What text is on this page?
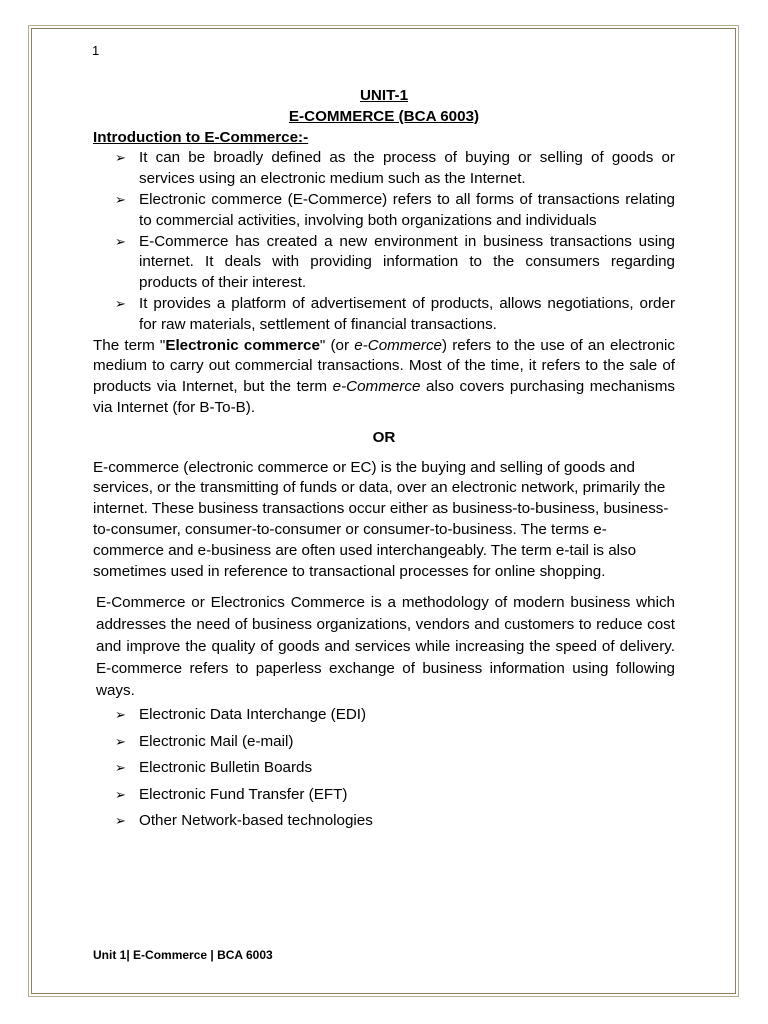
1
UNIT-1
E-COMMERCE (BCA 6003)
Introduction to E-Commerce:-
➢ It can be broadly defined as the process of buying or selling of goods or services using an electronic medium such as the Internet.
➢ Electronic commerce (E-Commerce) refers to all forms of transactions relating to commercial activities, involving both organizations and individuals
➢ E-Commerce has created a new environment in business transactions using internet. It deals with providing information to the consumers regarding products of their interest.
➢ It provides a platform of advertisement of products, allows negotiations, order for raw materials, settlement of financial transactions.

The term "Electronic commerce" (or e-Commerce) refers to the use of an electronic medium to carry out commercial transactions. Most of the time, it refers to the sale of products via Internet, but the term e-Commerce also covers purchasing mechanisms via Internet (for B-To-B).

OR

E-commerce (electronic commerce or EC) is the buying and selling of goods and services, or the transmitting of funds or data, over an electronic network, primarily the internet. These business transactions occur either as business-to-business, business-to-consumer, consumer-to-consumer or consumer-to-business. The terms e-commerce and e-business are often used interchangeably. The term e-tail is also sometimes used in reference to transactional processes for online shopping.

E-Commerce or Electronics Commerce is a methodology of modern business which addresses the need of business organizations, vendors and customers to reduce cost and improve the quality of goods and services while increasing the speed of delivery. E-commerce refers to paperless exchange of business information using following ways.

➢ Electronic Data Interchange (EDI)
➢ Electronic Mail (e-mail)
➢ Electronic Bulletin Boards
➢ Electronic Fund Transfer (EFT)
➢ Other Network-based technologies
Unit 1| E-Commerce | BCA 6003
